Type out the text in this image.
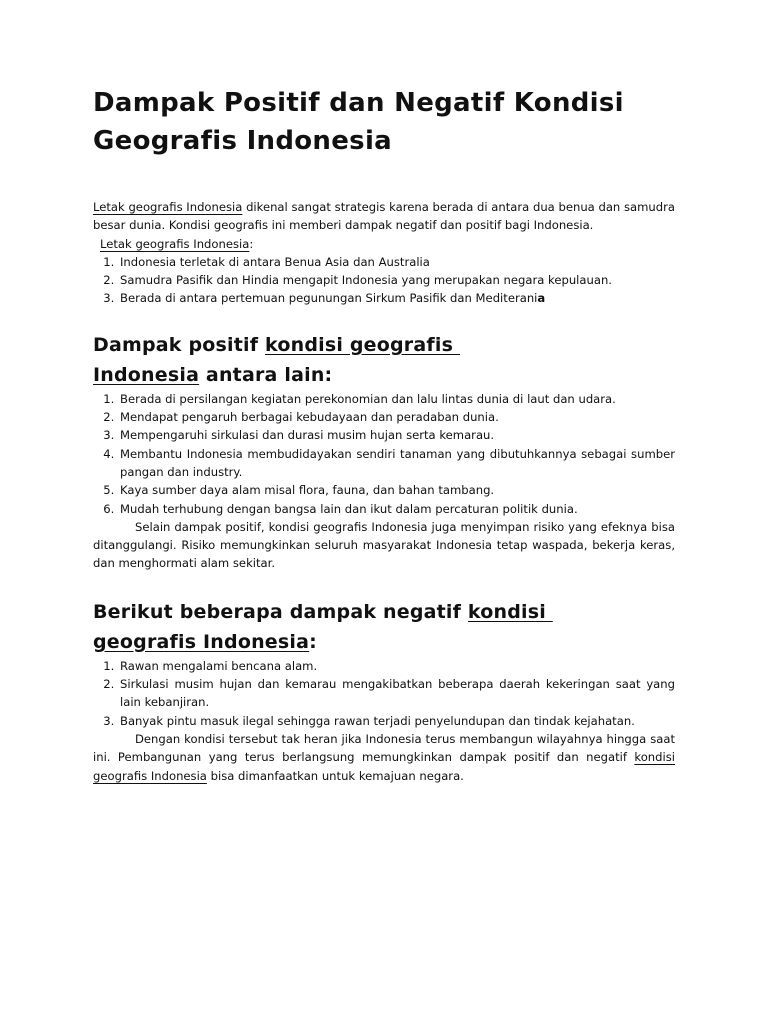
Dampak Positif dan Negatif Kondisi Geografis Indonesia

Letak geografis Indonesia dikenal sangat strategis karena berada di antara dua benua dan samudra besar dunia. Kondisi geografis ini memberi dampak negatif dan positif bagi Indonesia.

Letak geografis Indonesia:

1. Indonesia terletak di antara Benua Asia dan Australia
2. Samudra Pasifik dan Hindia mengapit Indonesia yang merupakan negara kepulauan.
3. Berada di antara pertemuan pegunungan Sirkum Pasifik dan Mediterania
Dampak positif kondisi geografis
Indonesia antara lain:
1. Berada di persilangan kegiatan perekonomian dan lalu lintas dunia di laut dan udara.
2. Mendapat pengaruh berbagai kebudayaan dan peradaban dunia.
3. Mempengaruhi sirkulasi dan durasi musim hujan serta kemarau.
4. Membantu Indonesia membudidayakan sendiri tanaman yang dibutuhkannya sebagai sumber pangan dan industry.
5. Kaya sumber daya alam misal flora, fauna, dan bahan tambang.
6. Mudah terhubung dengan bangsa lain dan ikut dalam percaturan politik dunia.

Selain dampak positif, kondisi geografis Indonesia juga menyimpan risiko yang efeknya bisa ditanggulangi. Risiko memungkinkan seluruh masyarakat Indonesia tetap waspada, bekerja keras, dan menghormati alam sekitar.

Berikut beberapa dampak negatif kondisi
geografis Indonesia:
1. Rawan mengalami bencana alam.
2. Sirkulasi musim hujan dan kemarau mengakibatkan beberapa daerah kekeringan saat yang lain kebanjiran.
3. Banyak pintu masuk ilegal sehingga rawan terjadi penyelundupan dan tindak kejahatan.

Dengan kondisi tersebut tak heran jika Indonesia terus membangun wilayahnya hingga saat ini. Pembangunan yang terus berlangsung memungkinkan dampak positif dan negatif kondisi geografis Indonesia bisa dimanfaatkan untuk kemajuan negara.
